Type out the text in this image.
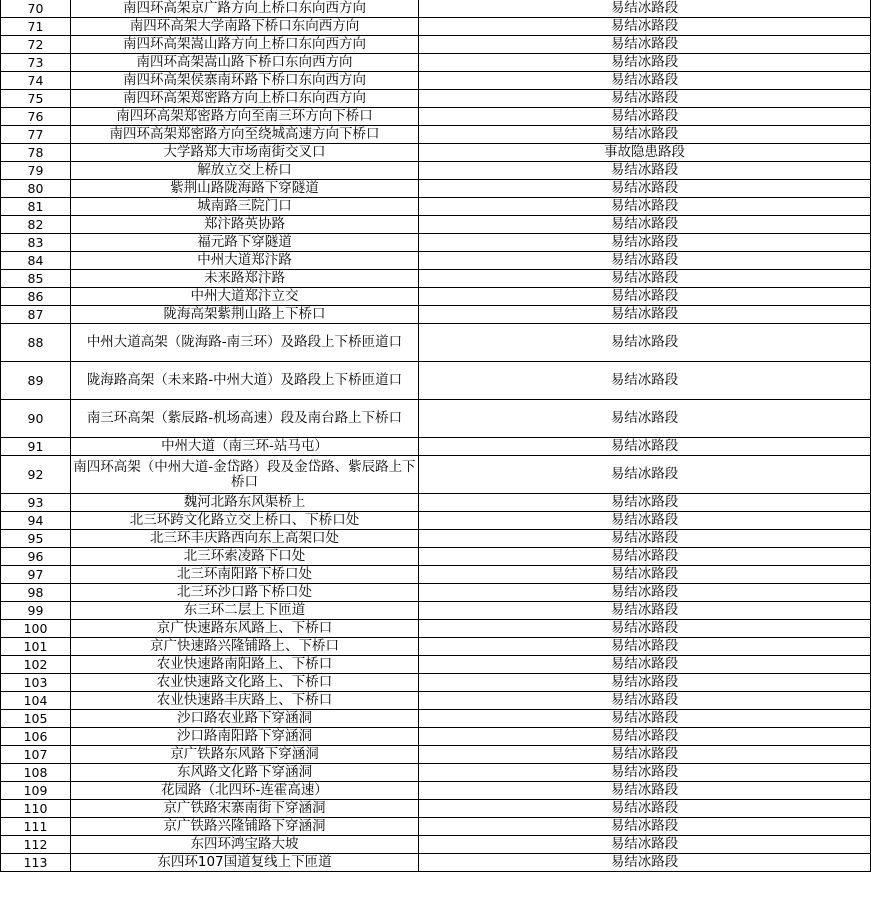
70	南四环高架京广路方向上桥口东向西方向	易结冰路段
71	南四环高架大学南路下桥口东向西方向	易结冰路段
72	南四环高架嵩山路方向上桥口东向西方向	易结冰路段
73	南四环高架嵩山路下桥口东向西方向	易结冰路段
74	南四环高架侯寨南环路下桥口东向西方向	易结冰路段
75	南四环高架郑密路方向上桥口东向西方向	易结冰路段
76	南四环高架郑密路方向至南三环方向下桥口	易结冰路段
77	南四环高架郑密路方向至绕城高速方向下桥口	易结冰路段
78	大学路郑大市场南街交叉口	事故隐患路段
79	解放立交上桥口	易结冰路段
80	紫荆山路陇海路下穿隧道	易结冰路段
81	城南路三院门口	易结冰路段
82	郑汴路英协路	易结冰路段
83	福元路下穿隧道	易结冰路段
84	中州大道郑汴路	易结冰路段
85	未来路郑汴路	易结冰路段
86	中州大道郑汴立交	易结冰路段
87	陇海高架紫荆山路上下桥口	易结冰路段
88	中州大道高架（陇海路-南三环）及路段上下桥匝道口	易结冰路段
89	陇海路高架（未来路-中州大道）及路段上下桥匝道口	易结冰路段
90	南三环高架（紫辰路-机场高速）段及南台路上下桥口	易结冰路段
91	中州大道（南三环-站马屯）	易结冰路段
92	南四环高架（中州大道-金岱路）段及金岱路、紫辰路上下桥口	易结冰路段
93	魏河北路东风渠桥上	易结冰路段
94	北三环跨文化路立交上桥口、下桥口处	易结冰路段
95	北三环丰庆路西向东上高架口处	易结冰路段
96	北三环索凌路下口处	易结冰路段
97	北三环南阳路下桥口处	易结冰路段
98	北三环沙口路下桥口处	易结冰路段
99	东三环二层上下匝道	易结冰路段
100	京广快速路东风路上、下桥口	易结冰路段
101	京广快速路兴隆铺路上、下桥口	易结冰路段
102	农业快速路南阳路上、下桥口	易结冰路段
103	农业快速路文化路上、下桥口	易结冰路段
104	农业快速路丰庆路上、下桥口	易结冰路段
105	沙口路农业路下穿涵洞	易结冰路段
106	沙口路南阳路下穿涵洞	易结冰路段
107	京广铁路东风路下穿涵洞	易结冰路段
108	东风路文化路下穿涵洞	易结冰路段
109	花园路（北四环-连霍高速）	易结冰路段
110	京广铁路宋寨南街下穿涵洞	易结冰路段
111	京广铁路兴隆铺路下穿涵洞	易结冰路段
112	东四环鸿宝路大坡	易结冰路段
113	东四环107国道复线上下匝道	易结冰路段
